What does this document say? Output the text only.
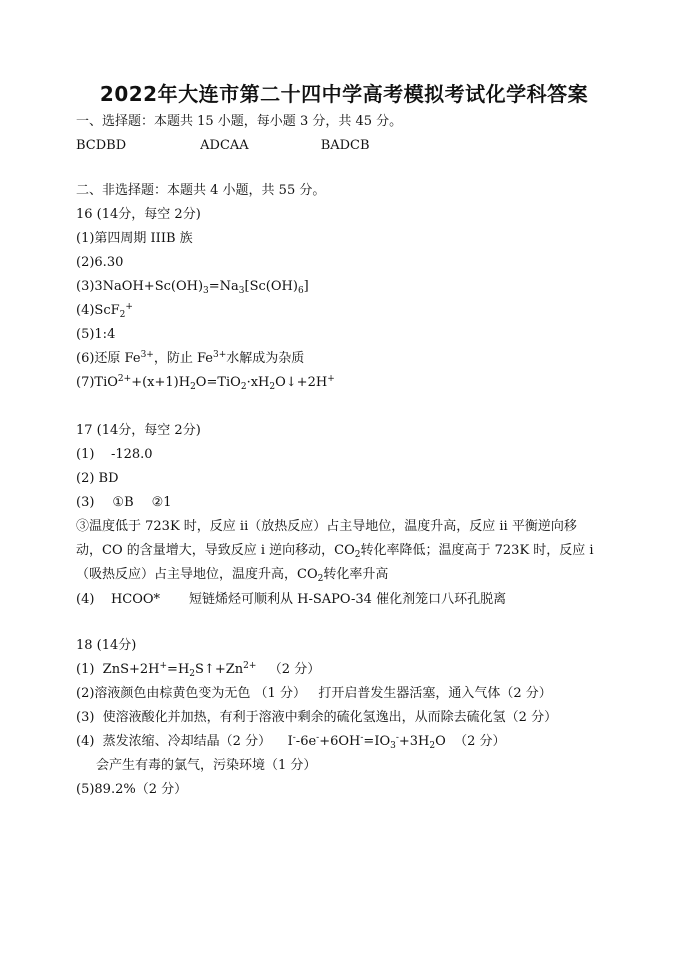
2022年大连市第二十四中学高考模拟考试化学科答案
一、选择题：本题共 15 小题，每小题 3 分，共 45 分。
BCDBD	ADCAA	BADCB
二、非选择题：本题共 4 小题，共 55 分。
16 (14分，每空 2分)
(1)第四周期 IIIB 族
(2)6.30
$(3)3NaOH+Sc(OH)_3=Na_3[Sc(OH)_6]$
(4)ScF$_2$+
(5)1:4
(6)还原 $Fe^{3+}$，防止 $Fe^{3+}$水解成为杂质
$(7)TiO^{2+}+(x+1)H_2O=TiO_2\cdot xH_2O↓+2H^+$
17 (14分，每空 2分)
(1)    -128.0
(2) BD
(3) ①B ②1
③温度低于 723K 时，反应 ii（放热反应）占主导地位，温度升高，反应 ii 平衡逆向移
动，CO 的含量增大，导致反应 i 逆向移动，$CO_2$转化率降低；温度高于 723K 时，反应 i
（吸热反应）占主导地位，温度升高，$CO_2$转化率升高
(4)    HCOO*       短链烯烃可顺利从 H-SAPO-34 催化剂笼口八环孔脱离
18 (14分)
(1)  $ZnS+2H^+=H_2S↑+Zn^{2+}$   （2 分）
(2)溶液颜色由棕黄色变为无色 （1 分）   打开启普发生器活塞，通入气体（2 分）
(3)  使溶液酸化并加热，有利于溶液中剩余的硫化氢逸出，从而除去硫化氢（2 分）
(4)  蒸发浓缩、冷却结晶（2 分）    $I^--6e^-+6OH^-=IO_3^-+3H_2O$  （2 分）
会产生有毒的氯气，污染环境（1 分）
(5)89.2%（2 分）
